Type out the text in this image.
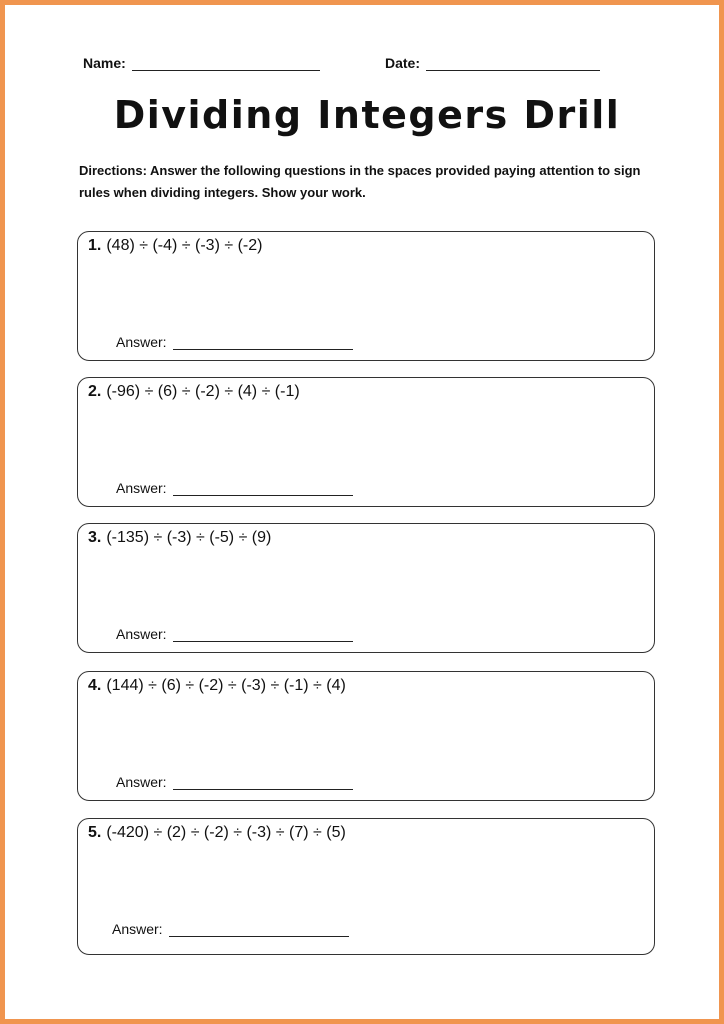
Name:	Date:
Dividing Integers Drill
Directions: Answer the following questions in the spaces provided paying attention to sign rules when dividing integers. Show your work.
1. (48) ÷ (-4) ÷ (-3) ÷ (-2)
Answer:
2. (-96) ÷ (6) ÷ (-2) ÷ (4) ÷ (-1)
Answer:
3. (-135) ÷ (-3) ÷ (-5) ÷ (9)
Answer:
4. (144) ÷ (6) ÷ (-2) ÷ (-3) ÷ (-1) ÷ (4)
Answer:
5. (-420) ÷ (2) ÷ (-2) ÷ (-3) ÷ (7) ÷ (5)
Answer:
